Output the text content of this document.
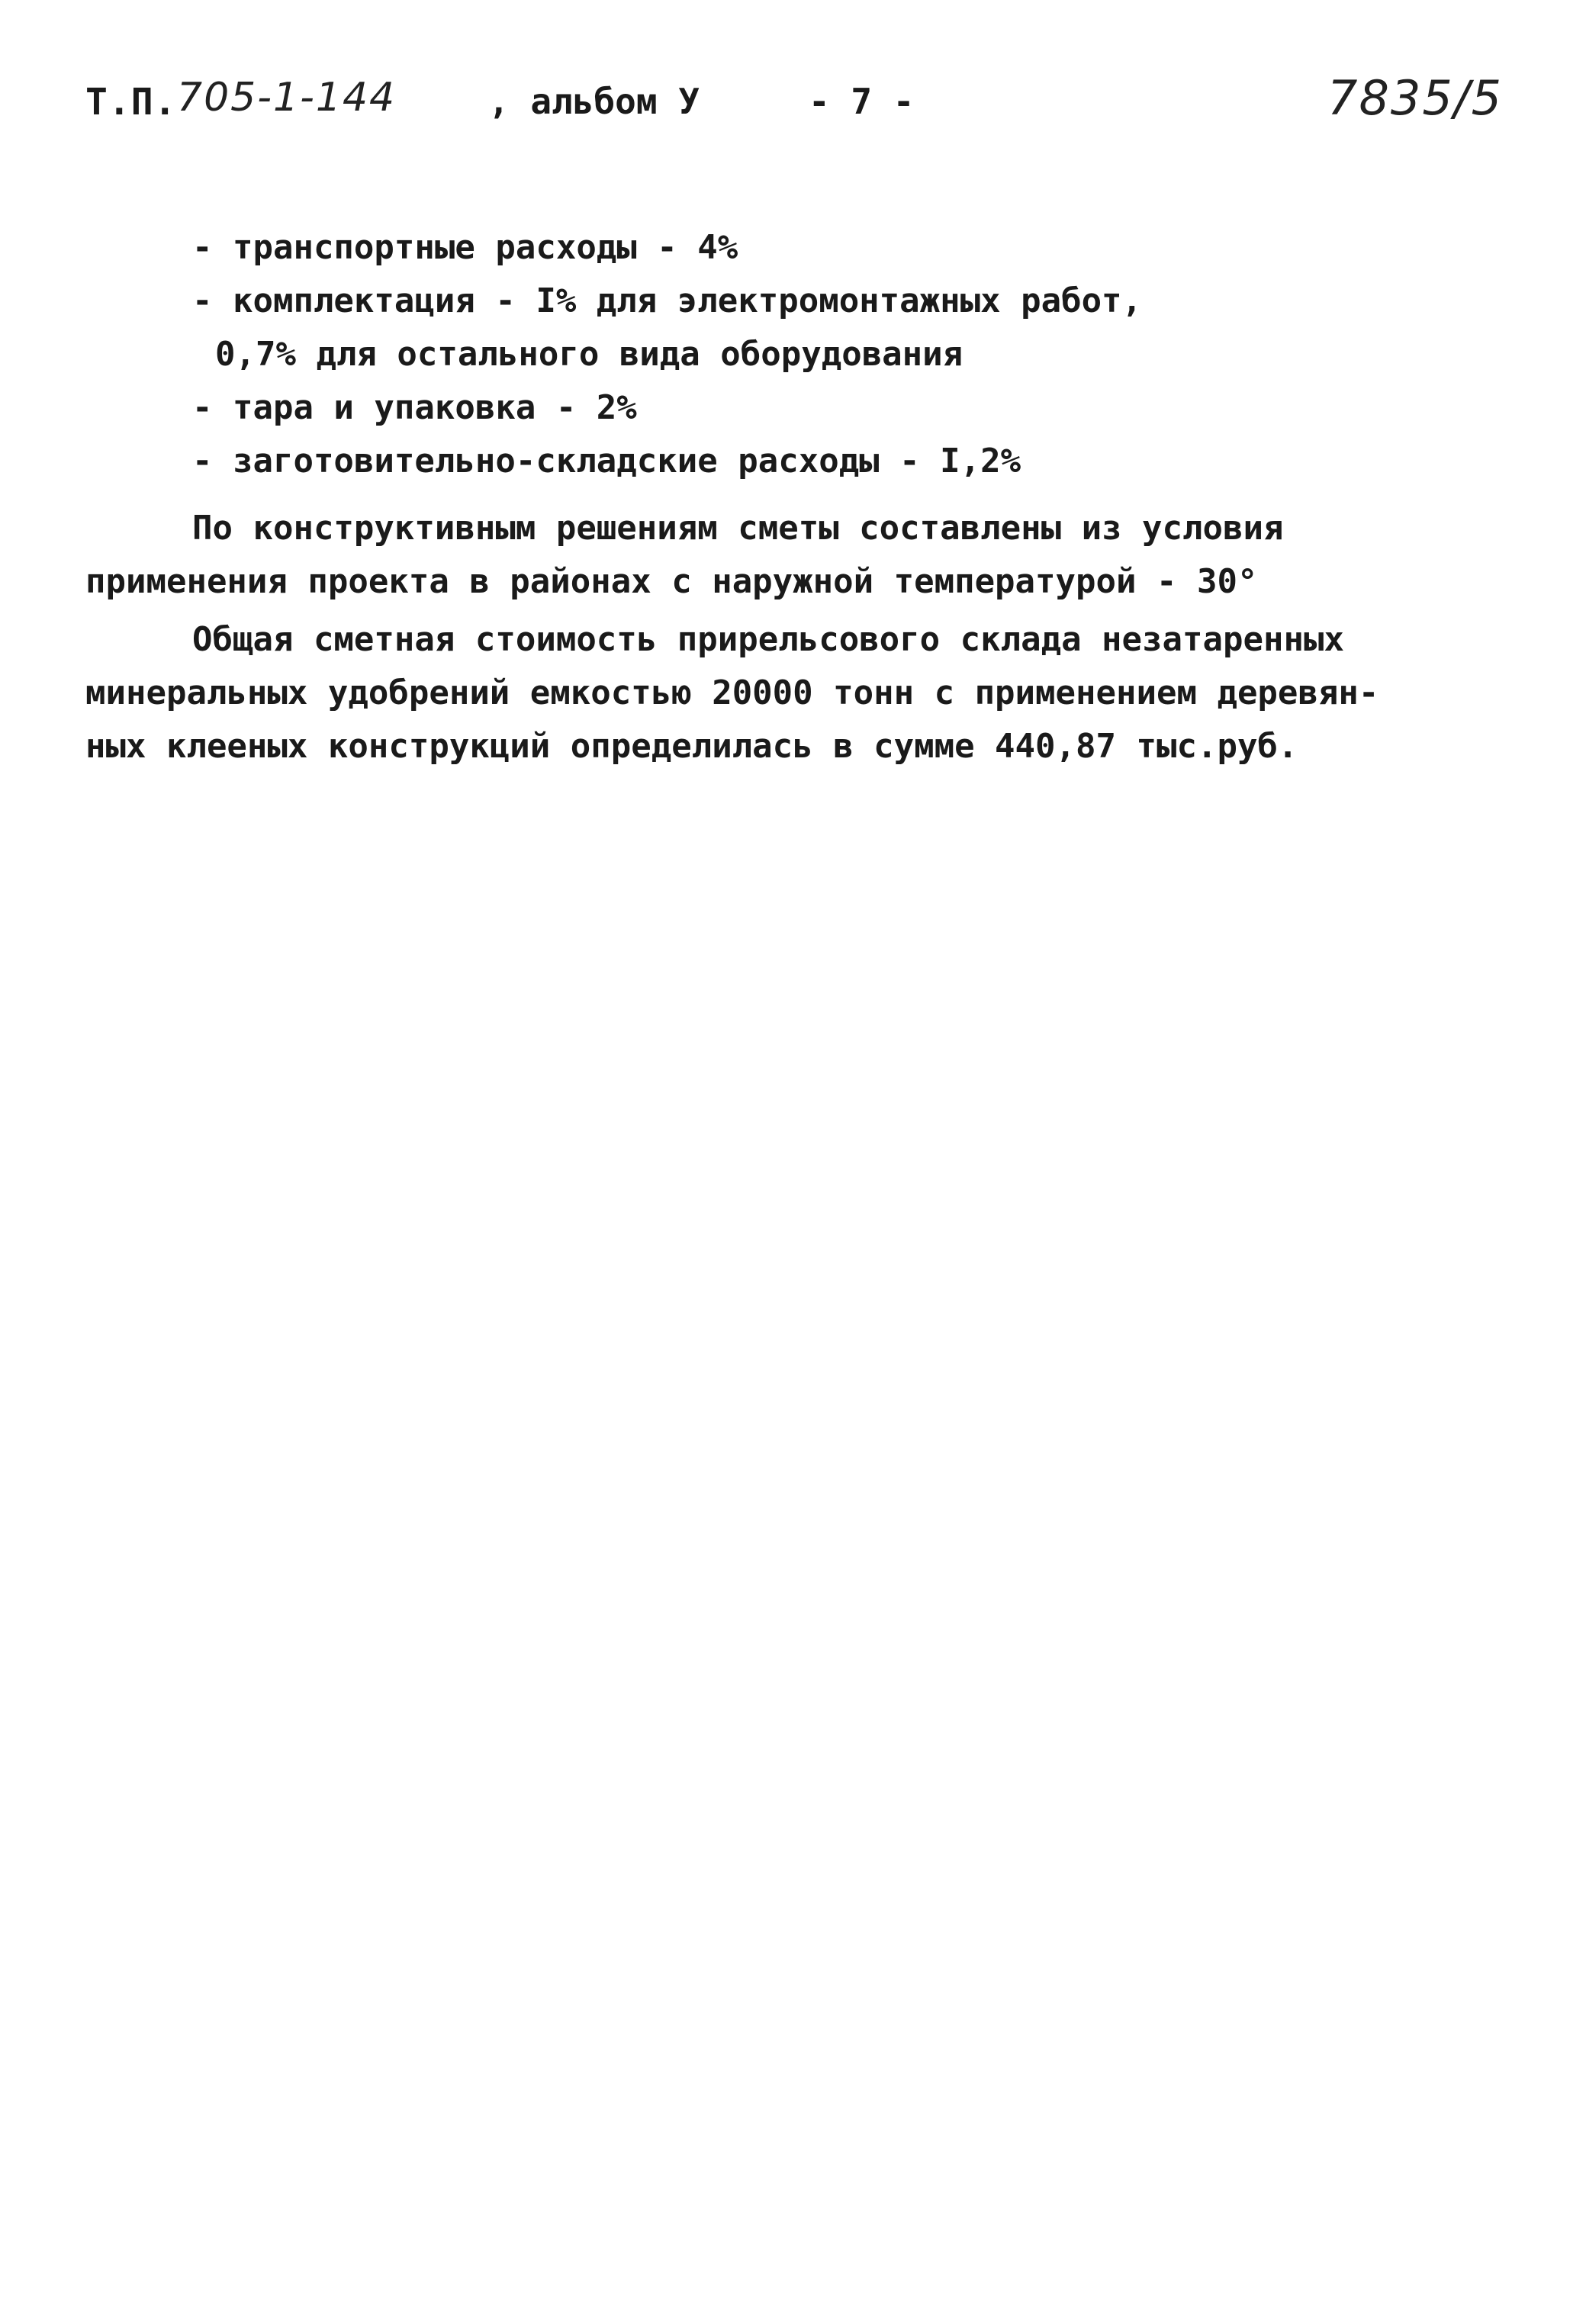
Т.П. 705-1-144	, альбом У	- 7 -	7835/5
- транспортные расходы - 4%
- комплектация - I% для электромонтажных работ,
0,7% для остального вида оборудования
- тара и упаковка - 2%
- заготовительно-складские расходы - I,2%
По конструктивным решениям сметы составлены из условия
применения проекта в районах с наружной температурой - 30°
Общая сметная стоимость прирельсового склада незатаренных
минеральных удобрений емкостью 20000 тонн с применением деревян-
ных клееных конструкций определилась в сумме 440,87 тыс.руб.
